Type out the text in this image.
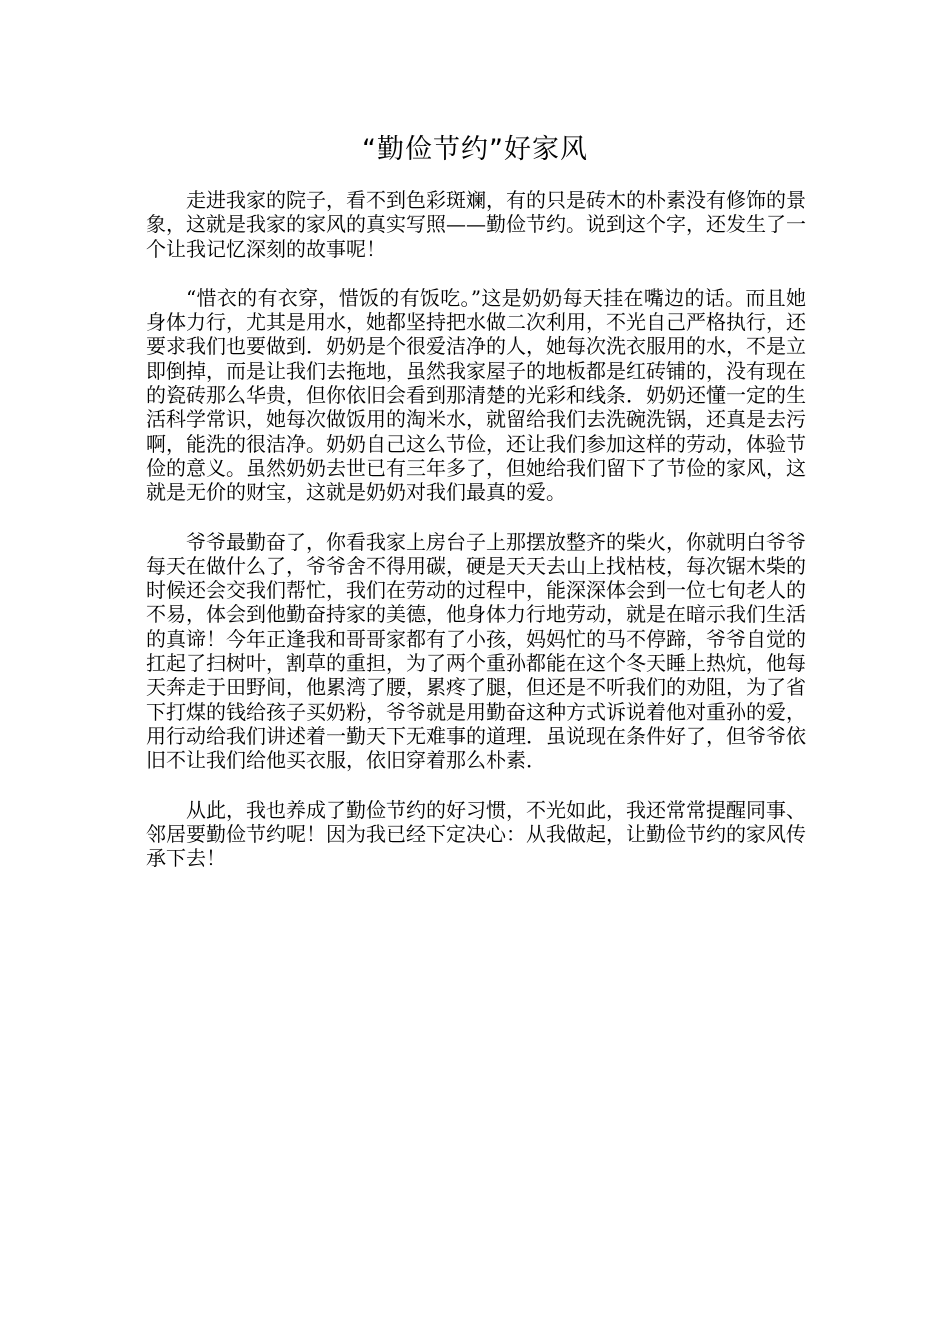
“勤俭节约”好家风

走进我家的院子，看不到色彩斑斓，有的只是砖木的朴素没有修饰的景象，这就是我家的家风的真实写照——勤俭节约。说到这个字，还发生了一个让我记忆深刻的故事呢！

“惜衣的有衣穿，惜饭的有饭吃。”这是奶奶每天挂在嘴边的话。而且她身体力行，尤其是用水，她都坚持把水做二次利用，不光自己严格执行，还要求我们也要做到．奶奶是个很爱洁净的人，她每次洗衣服用的水，不是立即倒掉，而是让我们去拖地，虽然我家屋子的地板都是红砖铺的，没有现在的瓷砖那么华贵，但你依旧会看到那清楚的光彩和线条．奶奶还懂一定的生活科学常识，她每次做饭用的淘米水，就留给我们去洗碗洗锅，还真是去污啊，能洗的很洁净。奶奶自己这么节俭，还让我们参加这样的劳动，体验节俭的意义。虽然奶奶去世已有三年多了，但她给我们留下了节俭的家风，这就是无价的财宝，这就是奶奶对我们最真的爱。

爷爷最勤奋了，你看我家上房台子上那摆放整齐的柴火，你就明白爷爷每天在做什么了，爷爷舍不得用碳，硬是天天去山上找枯枝，每次锯木柴的时候还会交我们帮忙，我们在劳动的过程中，能深深体会到一位七旬老人的不易，体会到他勤奋持家的美德，他身体力行地劳动，就是在暗示我们生活的真谛！今年正逢我和哥哥家都有了小孩，妈妈忙的马不停蹄，爷爷自觉的扛起了扫树叶，割草的重担，为了两个重孙都能在这个冬天睡上热炕，他每天奔走于田野间，他累湾了腰，累疼了腿，但还是不听我们的劝阻，为了省下打煤的钱给孩子买奶粉，爷爷就是用勤奋这种方式诉说着他对重孙的爱，用行动给我们讲述着一勤天下无难事的道理．虽说现在条件好了，但爷爷依旧不让我们给他买衣服，依旧穿着那么朴素．

从此，我也养成了勤俭节约的好习惯，不光如此，我还常常提醒同事、邻居要勤俭节约呢！因为我已经下定决心：从我做起，让勤俭节约的家风传承下去！
